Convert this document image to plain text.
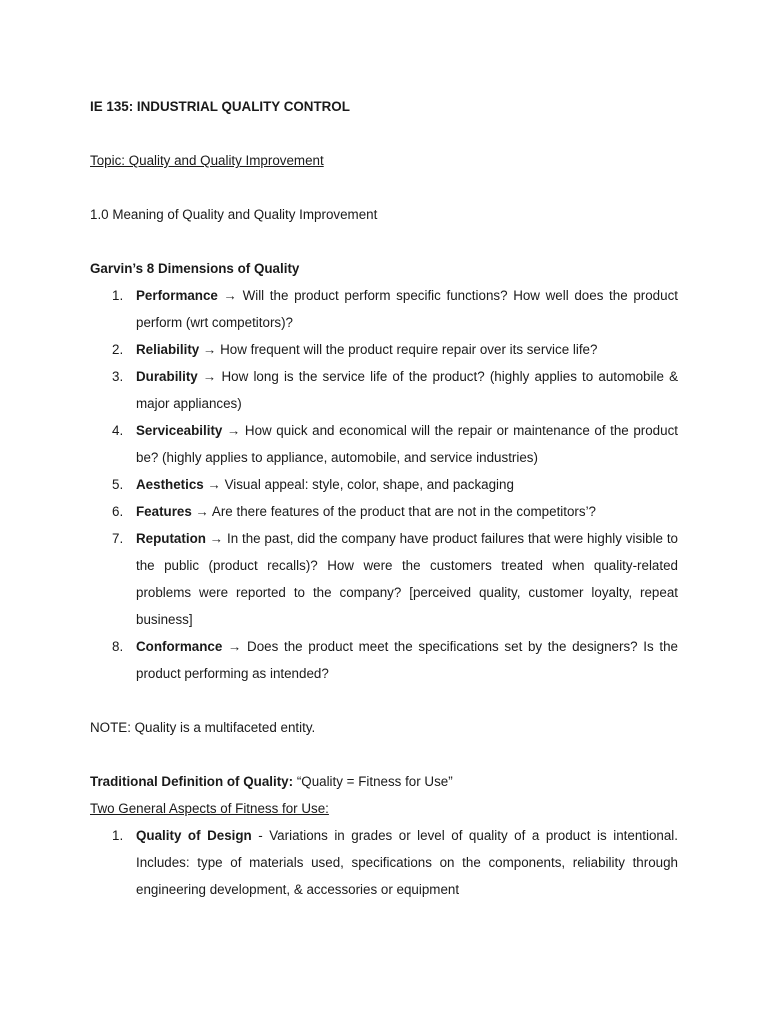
IE 135: INDUSTRIAL QUALITY CONTROL

Topic: Quality and Quality Improvement

1.0 Meaning of Quality and Quality Improvement

Garvin’s 8 Dimensions of Quality

1. Performance → Will the product perform specific functions? How well does the product perform (wrt competitors)?
2. Reliability → How frequent will the product require repair over its service life?
3. Durability → How long is the service life of the product? (highly applies to automobile & major appliances)
4. Serviceability → How quick and economical will the repair or maintenance of the product be? (highly applies to appliance, automobile, and service industries)
5. Aesthetics → Visual appeal: style, color, shape, and packaging
6. Features → Are there features of the product that are not in the competitors’?
7. Reputation → In the past, did the company have product failures that were highly visible to the public (product recalls)? How were the customers treated when quality-related problems were reported to the company? [perceived quality, customer loyalty, repeat business]
8. Conformance → Does the product meet the specifications set by the designers? Is the product performing as intended?

NOTE: Quality is a multifaceted entity.

Traditional Definition of Quality: “Quality = Fitness for Use”

Two General Aspects of Fitness for Use:

1. Quality of Design - Variations in grades or level of quality of a product is intentional. Includes: type of materials used, specifications on the components, reliability through engineering development, & accessories or equipment
